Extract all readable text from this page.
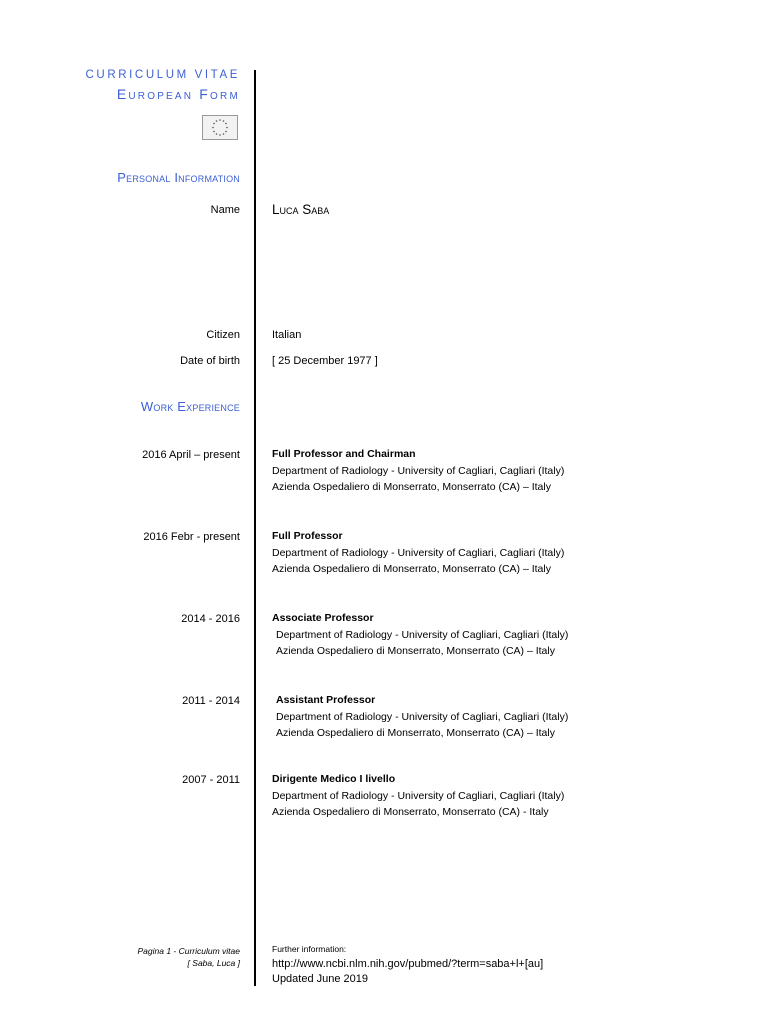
CURRICULUM VITAE
European Form
Personal Information
Name Luca Saba
Citizen	Italian
Date of birth	[ 25 December 1977 ]
Work Experience
2016 April – present	Full Professor and Chairman
Department of Radiology - University of Cagliari, Cagliari (Italy)
Azienda Ospedaliero di Monserrato, Monserrato (CA) – Italy
2016 Febr - present	Full Professor
Department of Radiology - University of Cagliari, Cagliari (Italy)
Azienda Ospedaliero di Monserrato, Monserrato (CA) – Italy
2014 - 2016	Associate Professor
Department of Radiology - University of Cagliari, Cagliari (Italy)
Azienda Ospedaliero di Monserrato, Monserrato (CA) – Italy
2011 - 2014	Assistant Professor
Department of Radiology - University of Cagliari, Cagliari (Italy)
Azienda Ospedaliero di Monserrato, Monserrato (CA) – Italy
2007 - 2011	Dirigente Medico I livello
Department of Radiology - University of Cagliari, Cagliari (Italy)
Azienda Ospedaliero di Monserrato, Monserrato (CA) - Italy
Pagina 1 - Curriculum vitae
[ Saba, Luca ]
Further information:
http://www.ncbi.nlm.nih.gov/pubmed/?term=saba+l+[au]
Updated June 2019
